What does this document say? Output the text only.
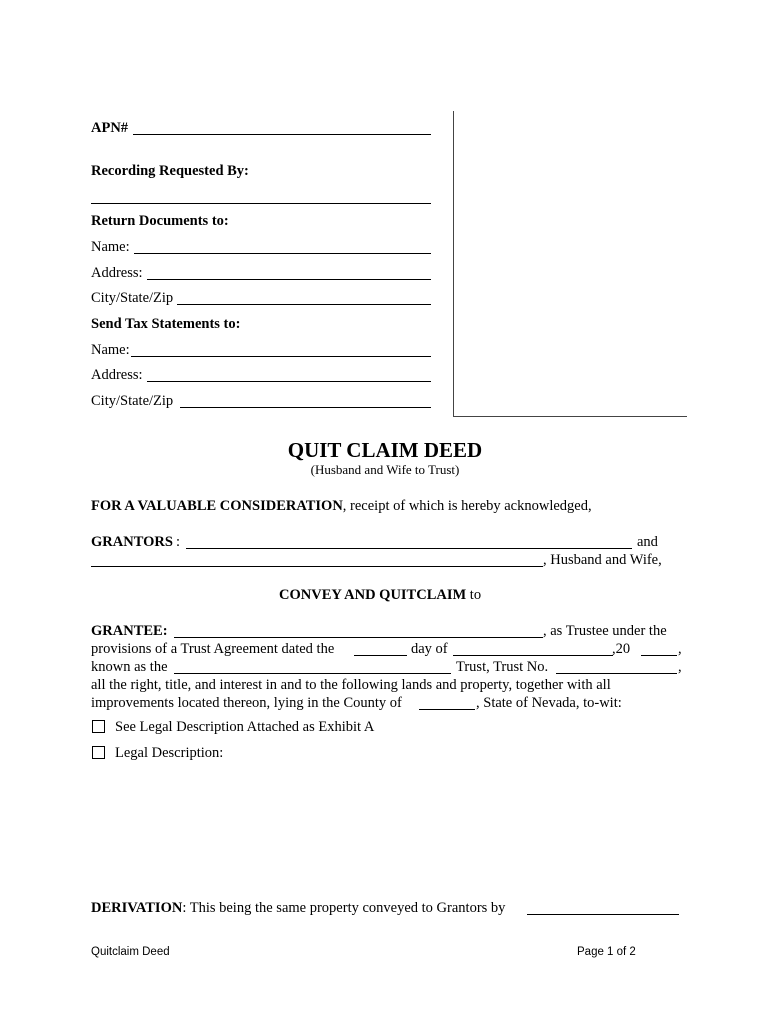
APN#
Recording Requested By:
Return Documents to:
Name:
Address:
City/State/Zip
Send Tax Statements to:
Name:
Address:
City/State/Zip
QUIT CLAIM DEED
(Husband and Wife to Trust)
FOR A VALUABLE CONSIDERATION, receipt of which is hereby acknowledged,
GRANTORS :	and
, Husband and Wife,
CONVEY AND QUITCLAIM to
GRANTEE:	, as Trustee under the
provisions of a Trust Agreement dated the	day of	,20	,
known as the	Trust, Trust No.	,
all the right, title, and interest in and to the following lands and property, together with all
improvements located thereon, lying in the County of	, State of Nevada, to-wit:
See Legal Description Attached as Exhibit A
Legal Description:
DERIVATION: This being the same property conveyed to Grantors by
Quitclaim Deed	Page 1 of 2
